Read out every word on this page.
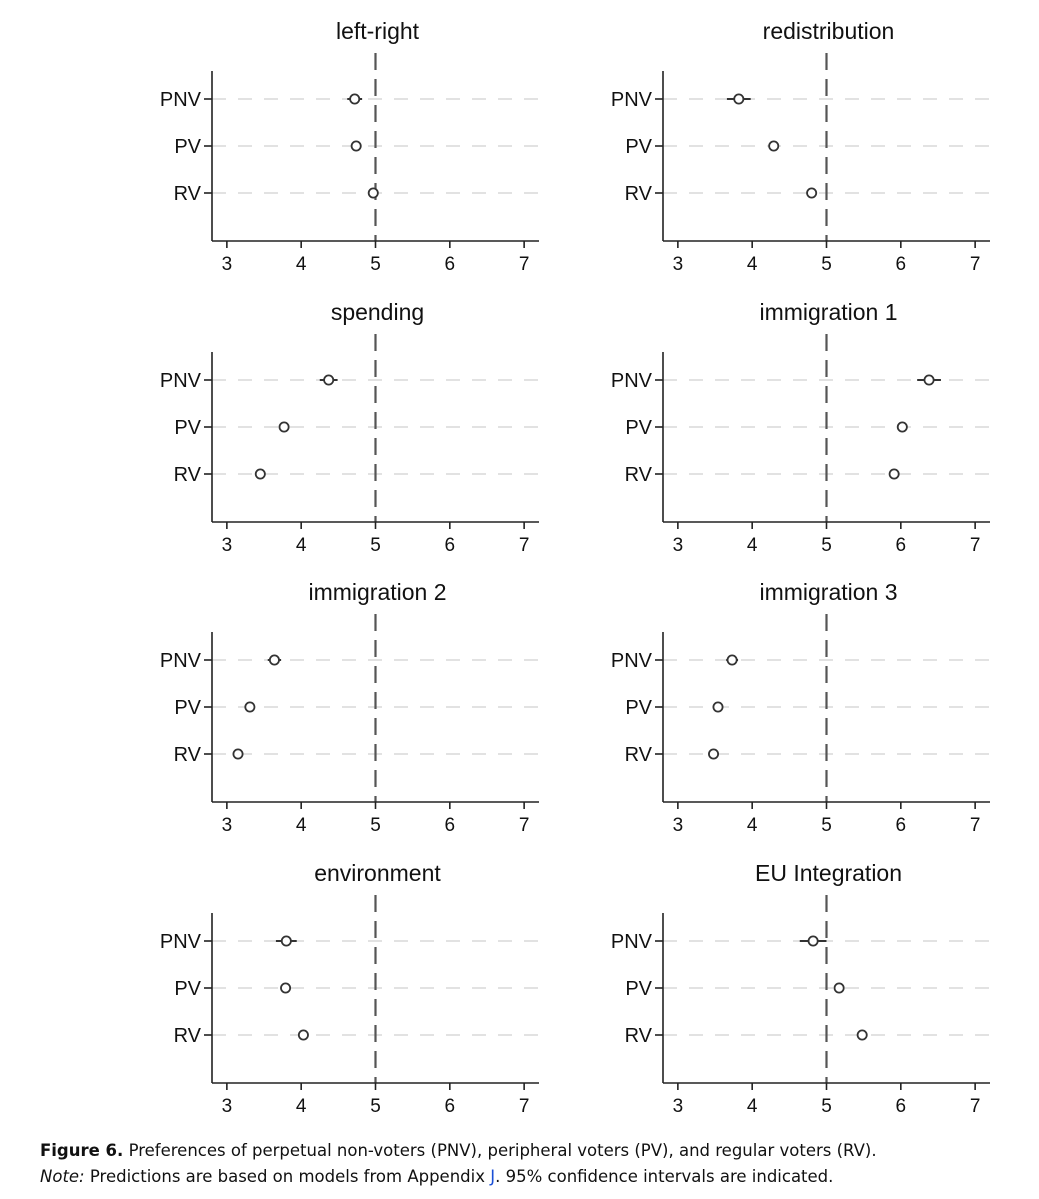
left-right
PNV
PV
RV
3	4	5	6	7
redistribution
PNV
PV
RV
3	4	5	6	7
spending
PNV
PV
RV
3	4	5	6	7
immigration 1
PNV
PV
RV
3	4	5	6	7
immigration 2
PNV
PV
RV
3	4	5	6	7
immigration 3
PNV
PV
RV
3	4	5	6	7
environment
PNV
PV
RV
3	4	5	6	7
EU Integration
PNV
PV
RV
3	4	5	6	7
Figure 6. Preferences of perpetual non-voters (PNV), peripheral voters (PV), and regular voters (RV).
Note: Predictions are based on models from Appendix J. 95% confidence intervals are indicated.
